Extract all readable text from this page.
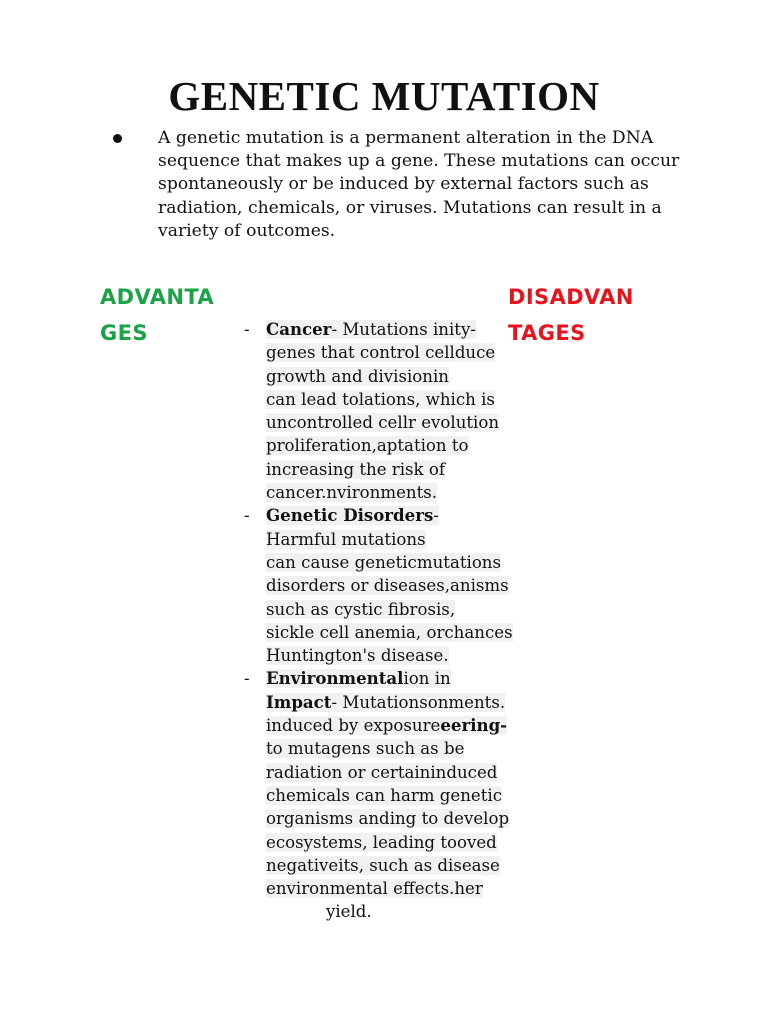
GENETIC MUTATION

A genetic mutation is a permanent alteration in the DNA sequence that makes up a gene. These mutations can occur spontaneously or be induced by external factors such as radiation, chemicals, or viruses. Mutations can result in a variety of outcomes.

ADVANTA
GES
DISADVAN
TAGES
- Cancer- Mutations inity-
genes that control cellduce
growth and divisionin
can lead tolations, which is
uncontrolled cellr evolution
proliferation,aptation to
increasing the risk of
cancer.nvironments.
- Genetic Disorders-
Harmful mutations
can cause geneticmutations
disorders or diseases,anisms
such as cystic fibrosis,
sickle cell anemia, orchances
Huntington's disease.
- Environmentalion in
Impact- Mutationsonments.
induced by exposureeering-
to mutagens such as be
radiation or certaininduced
chemicals can harm genetic
organisms anding to develop
ecosystems, leading tooved
negativeits, such as disease
environmental effects.her
yield.
